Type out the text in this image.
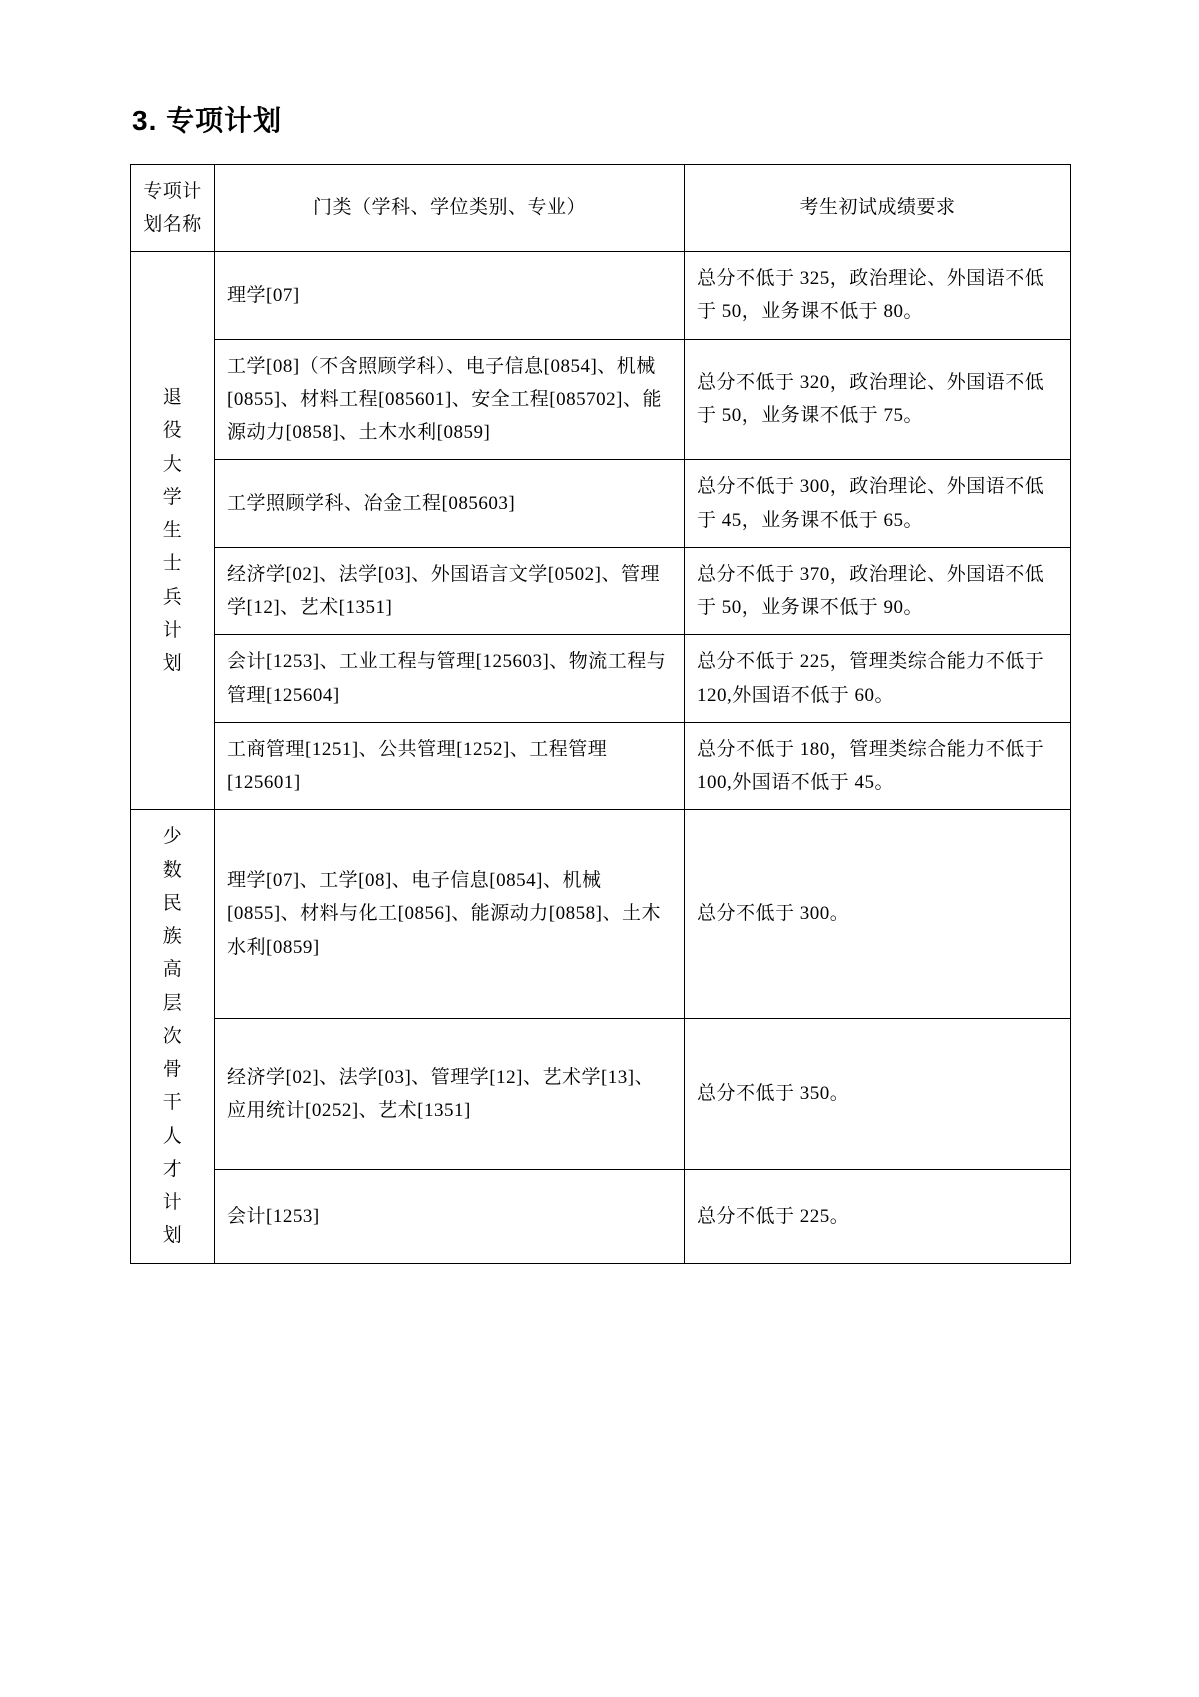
3. 专项计划
专项计
划名称	门类（学科、学位类别、专业）	考生初试成绩要求
退
役
大
学
生
士
兵
计
划	理学[07]	总分不低于 325，政治理论、外国语不低于 50，业务课不低于 80。
	工学[08]（不含照顾学科）、电子信息[0854]、机械[0855]、材料工程[085601]、安全工程[085702]、能源动力[0858]、土木水利[0859]	总分不低于 320，政治理论、外国语不低于 50，业务课不低于 75。
	工学照顾学科、冶金工程[085603]	总分不低于 300，政治理论、外国语不低于 45，业务课不低于 65。
	经济学[02]、法学[03]、外国语言文学[0502]、管理学[12]、艺术[1351]	总分不低于 370，政治理论、外国语不低于 50，业务课不低于 90。
	会计[1253]、工业工程与管理[125603]、物流工程与管理[125604]	总分不低于 225，管理类综合能力不低于 120,外国语不低于 60。
	工商管理[1251]、公共管理[1252]、工程管理[125601]	总分不低于 180，管理类综合能力不低于 100,外国语不低于 45。
少
数
民
族
高
层
次
骨
干
人
才
计
划	理学[07]、工学[08]、电子信息[0854]、机械[0855]、材料与化工[0856]、能源动力[0858]、土木水利[0859]	总分不低于 300。
	经济学[02]、法学[03]、管理学[12]、艺术学[13]、应用统计[0252]、艺术[1351]	总分不低于 350。
	会计[1253]	总分不低于 225。
